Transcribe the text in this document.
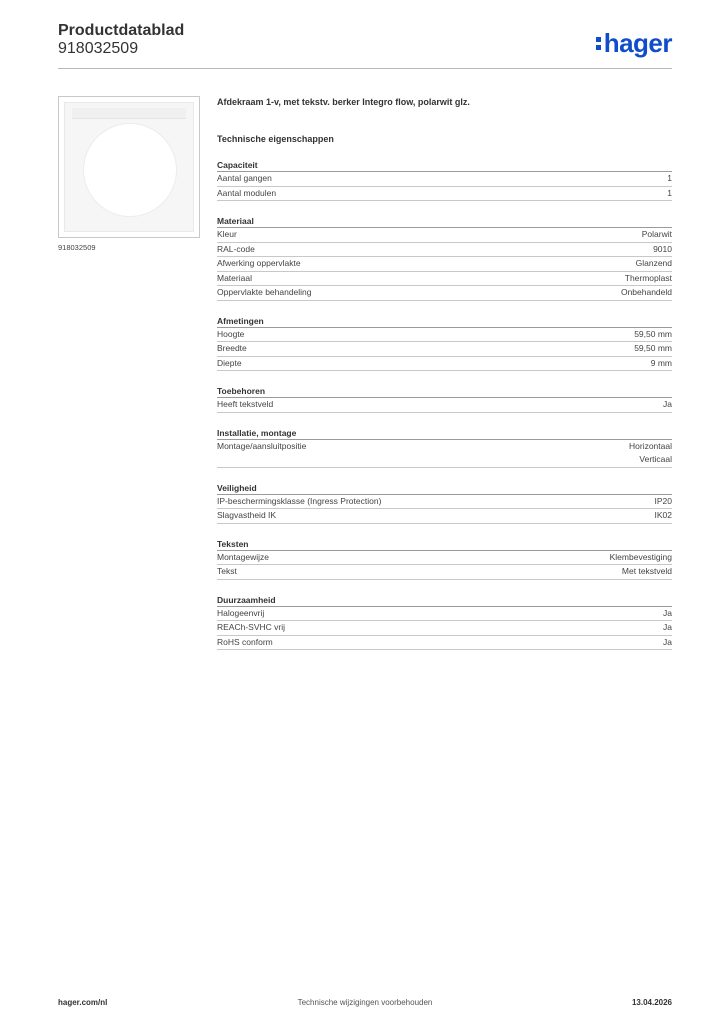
Productdatablad
918032509	hager
918032509
Afdekraam 1-v, met tekstv. berker Integro flow, polarwit glz.
Technische eigenschappen
Capaciteit
Aantal gangen	1
Aantal modulen	1
Materiaal
Kleur	Polarwit
RAL-code	9010
Afwerking oppervlakte	Glanzend
Materiaal	Thermoplast
Oppervlakte behandeling	Onbehandeld
Afmetingen
Hoogte	59,50 mm
Breedte	59,50 mm
Diepte	9 mm
Toebehoren
Heeft tekstveld	Ja
Installatie, montage
Montage/aansluitpositie	Horizontaal
Verticaal
Veiligheid
IP-beschermingsklasse (Ingress Protection)	IP20
Slagvastheid IK	IK02
Teksten
Montagewijze	Klembevestiging
Tekst	Met tekstveld
Duurzaamheid
Halogeenvrij	Ja
REACh-SVHC vrij	Ja
RoHS conform	Ja
hager.com/nl	Technische wijzigingen voorbehouden	13.04.2026
